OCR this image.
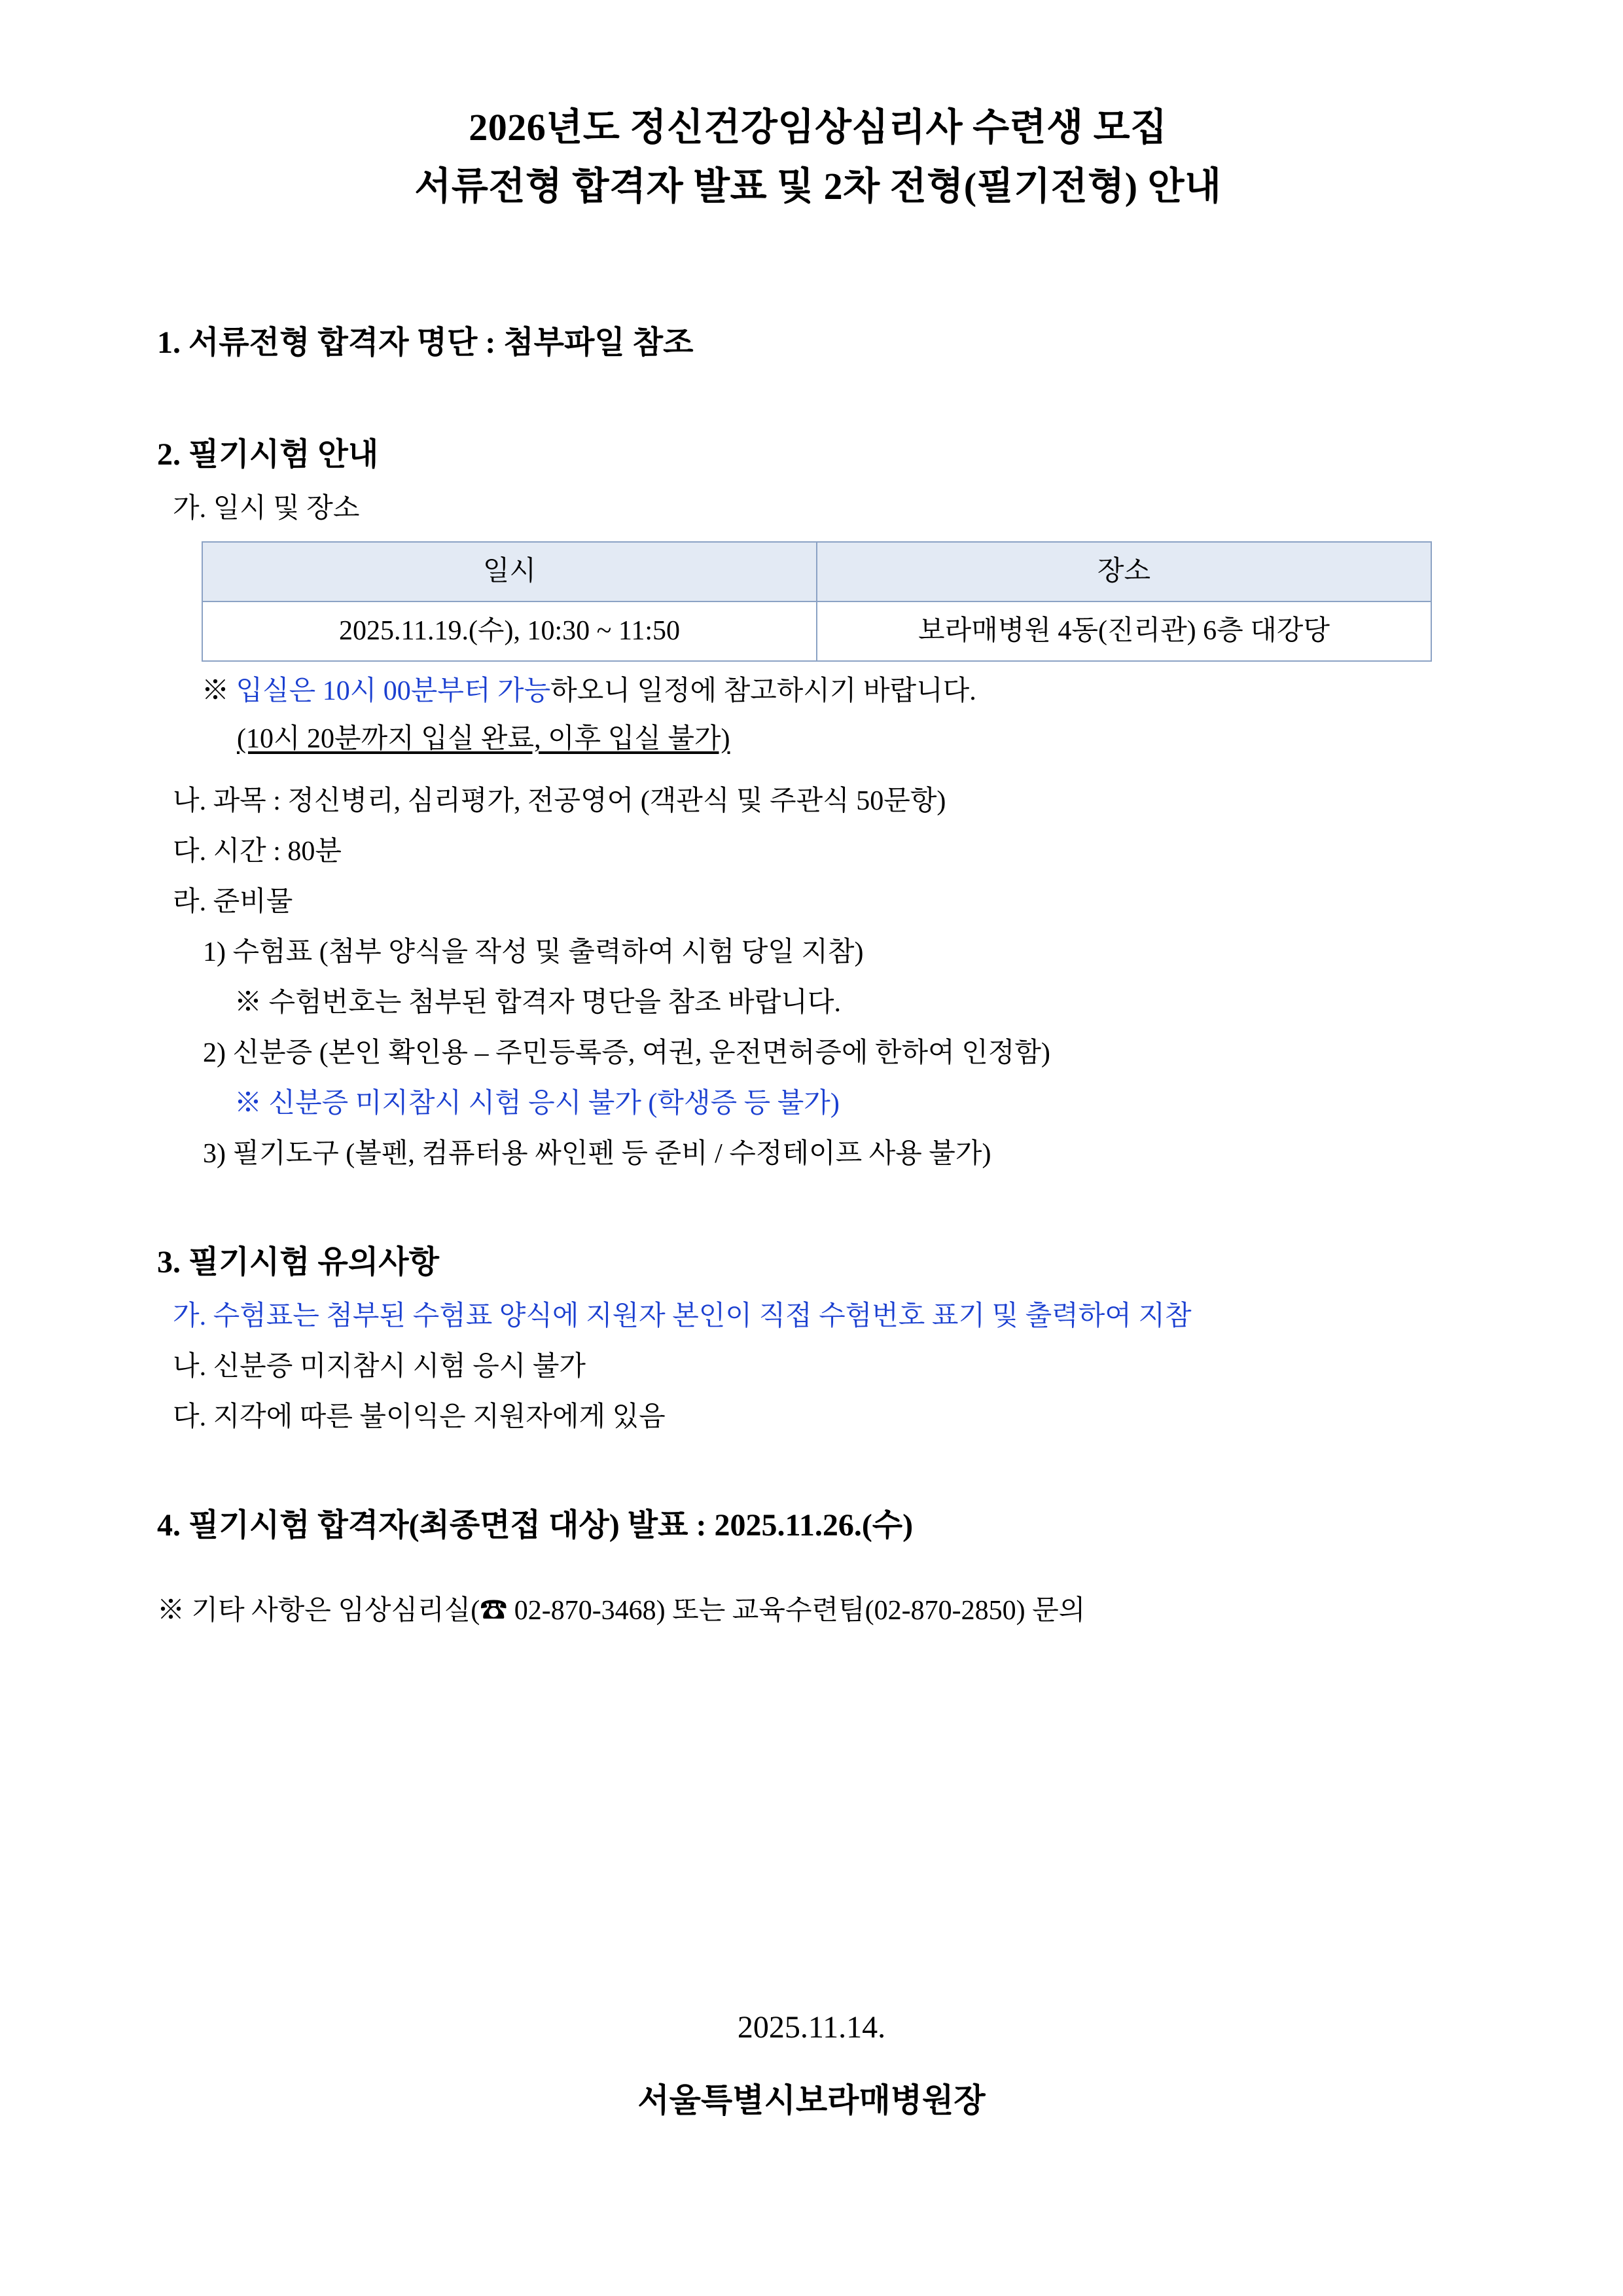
2026년도 정신건강임상심리사 수련생 모집
서류전형 합격자 발표 및 2차 전형(필기전형) 안내
1. 서류전형 합격자 명단 : 첨부파일 참조
2. 필기시험 안내
가. 일시 및 장소
일시	장소
2025.11.19.(수), 10:30 ~ 11:50	보라매병원 4동(진리관) 6층 대강당
※ 입실은 10시 00분부터 가능하오니 일정에 참고하시기 바랍니다.
(10시 20분까지 입실 완료, 이후 입실 불가)
나. 과목 : 정신병리, 심리평가, 전공영어 (객관식 및 주관식 50문항)
다. 시간 : 80분
라. 준비물
1) 수험표 (첨부 양식을 작성 및 출력하여 시험 당일 지참)
※ 수험번호는 첨부된 합격자 명단을 참조 바랍니다.
2) 신분증 (본인 확인용 – 주민등록증, 여권, 운전면허증에 한하여 인정함)
※ 신분증 미지참시 시험 응시 불가 (학생증 등 불가)
3) 필기도구 (볼펜, 컴퓨터용 싸인펜 등 준비 / 수정테이프 사용 불가)
3. 필기시험 유의사항
가. 수험표는 첨부된 수험표 양식에 지원자 본인이 직접 수험번호 표기 및 출력하여 지참
나. 신분증 미지참시 시험 응시 불가
다. 지각에 따른 불이익은 지원자에게 있음
4. 필기시험 합격자(최종면접 대상) 발표 : 2025.11.26.(수)
※ 기타 사항은 임상심리실(☎ 02-870-3468) 또는 교육수련팀(02-870-2850) 문의
2025.11.14.
서울특별시보라매병원장
